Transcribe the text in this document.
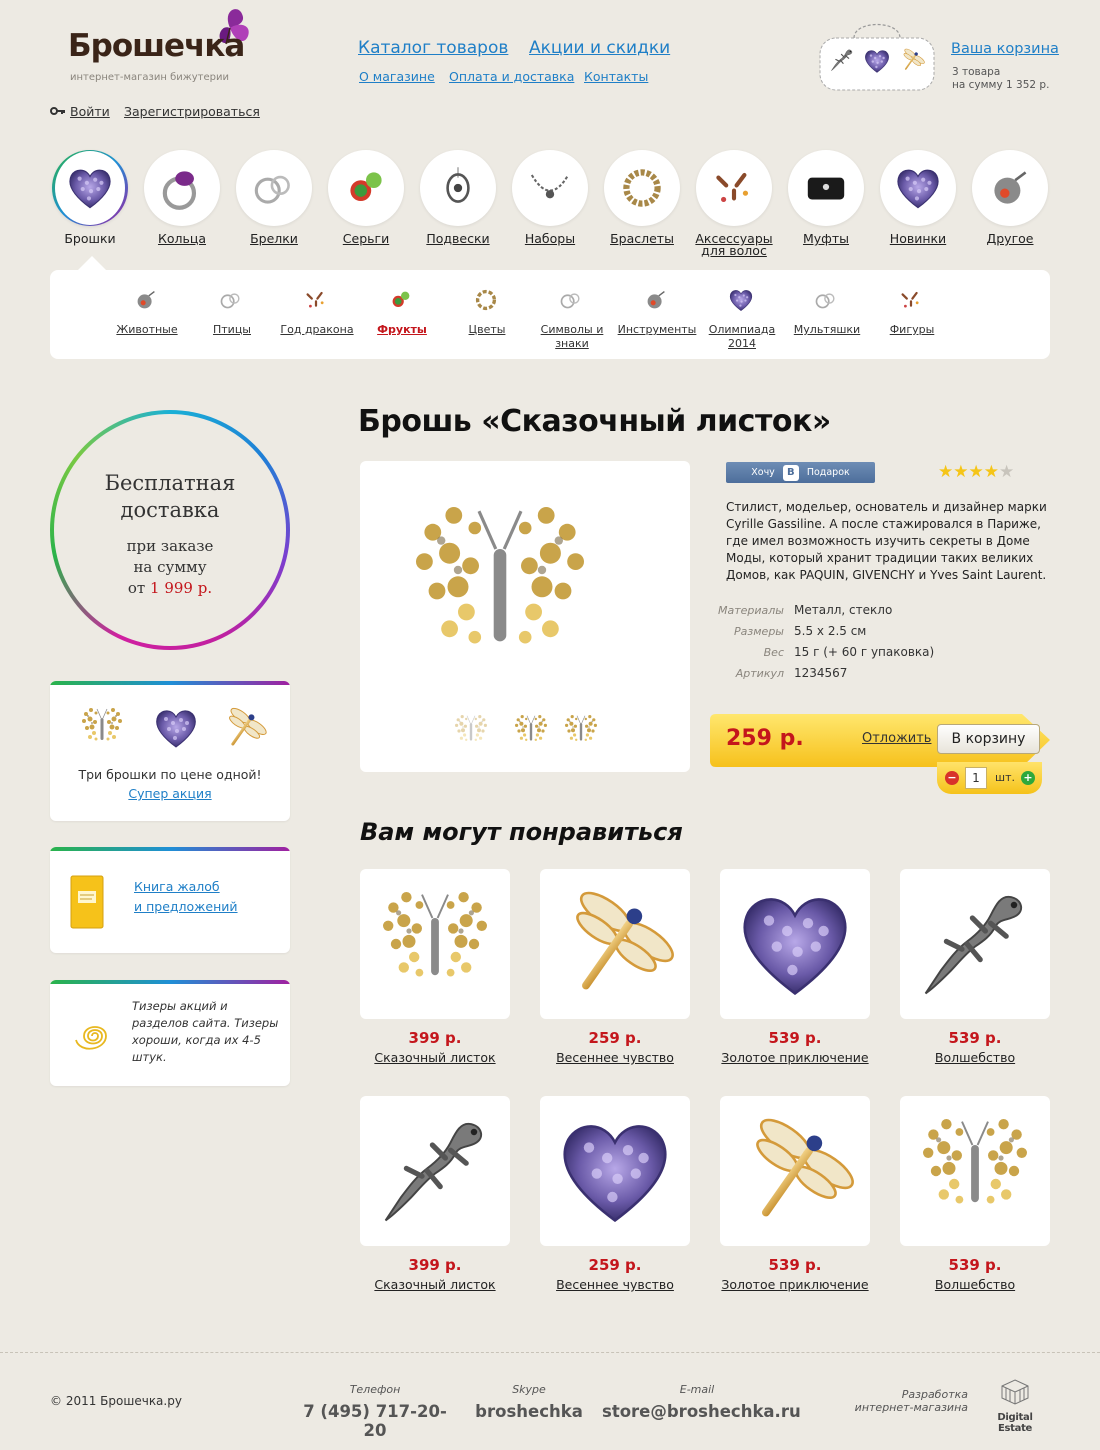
Брошечка
интернет-магазин бижутерии
Каталог товаров Акции и скидки
О магазине Оплата и доставка Контакты
Войти Зарегистрироваться
Ваша корзина
3 товара
на сумму 1 352 р.
Брошки	Кольца	Брелки	Серьги	Подвески	Наборы	Браслеты	Аксессуары для волос
Муфты	Новинки	Другое
Животные	Птицы	Год дракона	Фрукты	Цветы	Символы и знаки
Инструменты	Олимпиада 2014
Мультяшки	Фигуры
Бесплатная доставка
при заказе
на сумму
от 1 999 р.
Три брошки по цене одной!
Супер акция
Книга жалоб
и предложений
Тизеры акций и разделов сайта. Тизеры хороши, когда их 4-5 штук.
Брошь «Сказочный листок»
Хочу	В	Подарок	★★★★★
Стилист, модельер, основатель и дизайнер марки Cyrille Gassiline. А после стажировался в Париже, где имел возможность изучить секреты в Доме Моды, который хранит традиции таких великих Домов, как PAQUIN, GIVENCHY и Yves Saint Laurent.
Материалы Металл, стекло
Размеры 5.5 x 2.5 см
Вес 15 г (+ 60 г упаковка)
Артикул 1234567
259 р.	Отложить	В корзину
−	1	шт. +
Вам могут понравиться
399 р.
Сказочный листок
259 р.
Весеннее чувство
539 р.
Золотое приключение
539 р.
Волшебство
399 р.
Сказочный листок
259 р.
Весеннее чувство
539 р.
Золотое приключение
539 р.
Волшебство
© 2011 Брошечка.ру
Телефон
7 (495) 717-20-20
Skype
broshechka
E-mail
store@broshechka.ru
Разработка
интернет-магазина
Digital Estate
